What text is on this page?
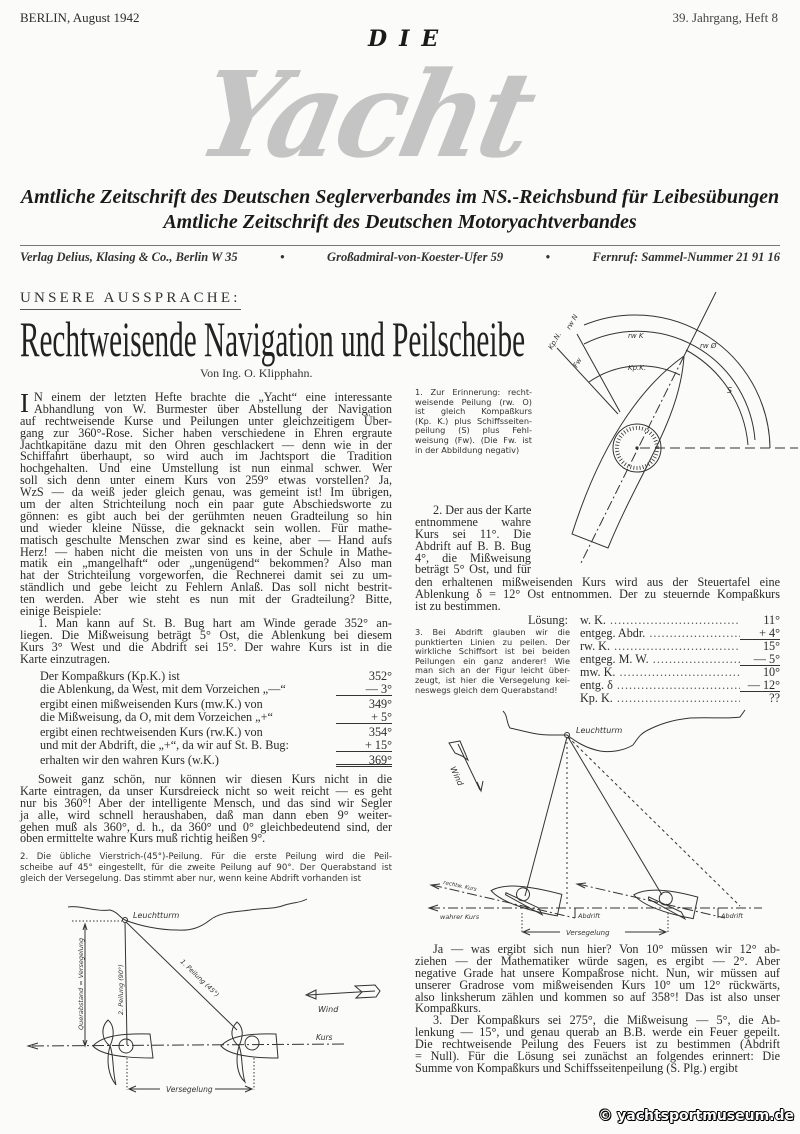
BERLIN, August 1942	39. Jahrgang, Heft 8
DIE
Yacht
Amtliche Zeitschrift des Deutschen Seglerverbandes im NS.-Reichsbund für Leibesübungen
Amtliche Zeitschrift des Deutschen Motoryachtverbandes
Verlag Delius, Klasing & Co., Berlin W 35	•	Großadmiral-von-Koester-Ufer 59	•	Fernruf: Sammel-Nummer 21 91 16
UNSERE AUSSPRACHE:
Rechtweisende Navigation und Peilscheibe
Von Ing. O. Klipphahn.
I N einem der letzten Hefte brachte die „Yacht“ eine interessante
Abhandlung von W. Burmester über Abstellung der Navigation
auf rechtweisende Kurse und Peilungen unter gleichzeitigem Über-
gang zur 360°-Rose. Sicher haben verschiedene in Ehren ergraute
Jachtkapitäne dazu mit den Ohren geschlackert — denn wie in der
Schiffahrt überhaupt, so wird auch im Jachtsport die Tradition
hochgehalten. Und eine Umstellung ist nun einmal schwer. Wer
soll sich denn unter einem Kurs von 259° etwas vorstellen? Ja,
WzS — da weiß jeder gleich genau, was gemeint ist! Im übrigen,
um der alten Strichteilung noch ein paar gute Abschiedsworte zu
gönnen: es gibt auch bei der gerühmten neuen Gradteilung so hin
und wieder kleine Nüsse, die geknackt sein wollen. Für mathe-
matisch geschulte Menschen zwar sind es keine, aber — Hand aufs
Herz! — haben nicht die meisten von uns in der Schule in Mathe-
matik ein „mangelhaft“ oder „ungenügend“ bekommen? Also man
hat der Strichteilung vorgeworfen, die Rechnerei damit sei zu um-
ständlich und gebe leicht zu Fehlern Anlaß. Das soll nicht bestrit-
ten werden. Aber wie steht es nun mit der Gradteilung? Bitte,
einige Beispiele:
1. Man kann auf St. B. Bug hart am Winde gerade 352° an-
liegen. Die Mißweisung beträgt 5° Ost, die Ablenkung bei diesem
Kurs 3° West und die Abdrift sei 15°. Der wahre Kurs ist in die
Karte einzutragen.
Der Kompaßkurs (Kp.K.) ist	352°
die Ablenkung, da West, mit dem Vorzeichen „—“	— 3°
ergibt einen mißweisenden Kurs (mw.K.) von	349°
die Mißweisung, da O, mit dem Vorzeichen „+“	+ 5°
ergibt einen rechtweisenden Kurs (rw.K.) von	354°
und mit der Abdrift, die „+“, da wir auf St. B. Bug:	+ 15°
erhalten wir den wahren Kurs (w.K.)	369°
Soweit ganz schön, nur können wir diesen Kurs nicht in die
Karte eintragen, da unser Kursdreieck nicht so weit reicht — es geht
nur bis 360°! Aber der intelligente Mensch, und das sind wir Segler
ja alle, wird schnell heraushaben, daß man dann eben 9° weiter-
gehen muß als 360°, d. h., da 360° und 0° gleichbedeutend sind, der
oben ermittelte wahre Kurs muß richtig heißen 9°.
2. Die übliche Vierstrich-(45°)-Peilung. Für die erste Peilung wird die Peil-
scheibe auf 45° eingestellt, für die zweite Peilung auf 90°. Der Querabstand ist
gleich der Versegelung. Das stimmt aber nur, wenn keine Abdrift vorhanden ist
Leuchtturm
Querabstand = Versegelung	2. Peilung (90°)	1. Peilung (45°)
Wind
Kurs
Versegelung
Kp.N.
rw N
Fw
rw K
Kp.K.
rw Ø
S
1. Zur Erinnerung: recht-
weisende Peilung (rw. O)
ist gleich Kompaßkurs
(Kp. K.) plus Schiffsseiten-
peilung (S) plus Fehl-
weisung (Fw). (Die Fw. ist
in der Abbildung negativ)
2. Der aus der Karte
entnommene wahre
Kurs sei 11°. Die
Abdrift auf B. B. Bug
4°, die Mißweisung
beträgt 5° Ost, und für
den erhaltenen mißweisenden Kurs wird aus der Steuertafel eine
Ablenkung δ = 12° Ost entnommen. Der zu steuernde Kompaßkurs
ist zu bestimmen.
Lösung: w. K. .....	11°
entgeg. Abdr. .....	+ 4°
rw. K. .....	15°
entgeg. M. W. .....	— 5°
mw. K. .....	10°
entg. δ .....	— 12°
Kp. K. .....	??
3. Bei Abdrift glauben wir die
punktierten Linien zu peilen. Der
wirkliche Schiffsort ist bei beiden
Peilungen ein ganz anderer! Wie
man sich an der Figur leicht über-
zeugt, ist hier die Versegelung kei-
neswegs gleich dem Querabstand!
Leuchtturm
Wind
rechtw. Kurs
wahrer Kurs	Abdrift	Abdrift
Versegelung
Ja — was ergibt sich nun hier? Von 10° müssen wir 12° ab-
ziehen — der Mathematiker würde sagen, es ergibt — 2°. Aber
negative Grade hat unsere Kompaßrose nicht. Nun, wir müssen auf
unserer Gradrose vom mißweisenden Kurs 10° um 12° rückwärts,
also linksherum zählen und kommen so auf 358°! Das ist also unser
Kompaßkurs.
3. Der Kompaßkurs sei 275°, die Mißweisung — 5°, die Ab-
lenkung — 15°, und genau querab an B.B. werde ein Feuer gepeilt.
Die rechtweisende Peilung des Feuers ist zu bestimmen (Abdrift
= Null). Für die Lösung sei zunächst an folgendes erinnert: Die
Summe von Kompaßkurs und Schiffsseitenpeilung (S. Plg.) ergibt
© yachtsportmuseum.de
